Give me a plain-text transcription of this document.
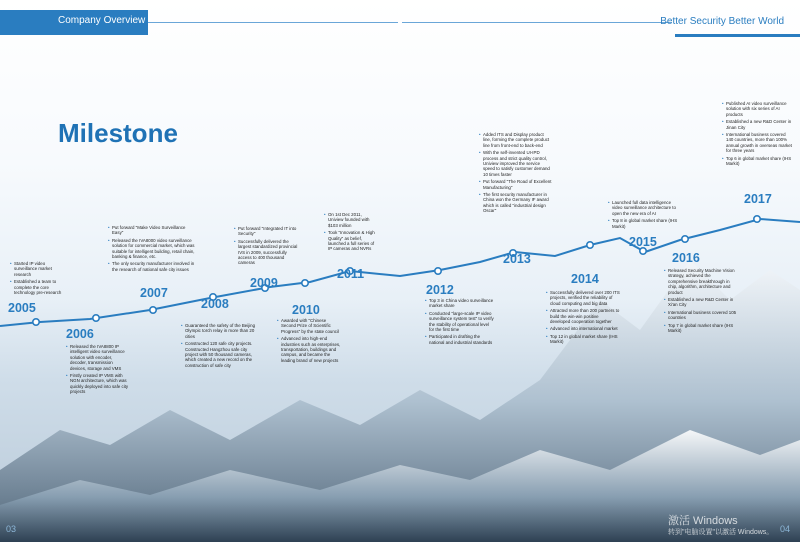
Company Overview	Better Security Better World
Milestone
2005
2006
2007
2008
2009
2010
2011
2012
2013
2014
2015
2016
2017

• Started IP video surveillance market research

• Established a team to complete the core technology pre-research

• Released the IVA8800 IP intelligent video surveillance solution with encoder, decoder, transmission devices, storage and VMS

• Firstly created IP VMS with NGN architecture, which was quickly deployed into safe city projects

• Put forward "Make Video Surveillance Easy"

• Released the IVA8000 video surveillance solution for commercial market, which was suitable for intelligent building, retail chain, banking & finance, etc.

• The only security manufacturer involved in the research of national safe city issues

• Guaranteed the safety of the Beijing Olympic torch relay in more than 20 cities

• Constructed 120 safe city projects. Constructed Hangzhou safe city project with 50 thousand cameras, which created a new record on the construction of safe city

• Put forward "Integrated IT into Security"

• Successfully delivered the largest standardized provincial IVS in 2009, successfully access to 400 thousand cameras

• Awarded with "Chinese Second Prize of Scientific Progress" by the state council

• Advanced into high-end industries such as enterprises, transportation, buildings and campus, and became the leading brand of new projects

• On 1st Dec 2011, Uniview founded with $103 million

• Took "Innovation & High Quality" as belief, launched a full series of IP cameras and NVRs

• Top 3 in China video surveillance market share

• Conducted "large-scale IP video surveillance system test" to verify the stability of operational level for the first time

• Participated in drafting the national and industrial standards

• Added ITS and Display product line, forming the complete product line from front-end to back-end

• With the self-invented UI-IPD process and strict quality control, Uniview improved the service speed to satisfy customer demand 10 times faster

• Put forward "The Road of Excellent Manufacturing"

• The first security manufacturer in China won the Germany IF award which is called "industrial design Oscar"

• Successfully delivered over 200 ITS projects, verified the reliability of cloud computing and big data

• Attracted more than 200 partners to build the win-win positive developed cooperation together

• Advanced into international market

• Top 12 in global market share (IHS Markit)

• Launched full data intelligence video surveillance architecture to open the new era of AI

• Top 8 in global market share (IHS Markit)

• Released Security Machine Vision strategy, achieved the comprehensive breakthrough in chip, algorithm, architecture and product

• Established a new R&D Center in Xi'an City

• International business covered 105 countries

• Top 7 in global market share (IHS Markit)

• Published AI video surveillance solution with six series of AI products

• Established a new R&D Center in Jinan City

• International business covered 140 countries, more than 100% annual growth in overseas market for three years

• Top 6 in global market share (IHS Markit)

03	04
激活 Windows
转到"电脑设置"以激活 Windows。
